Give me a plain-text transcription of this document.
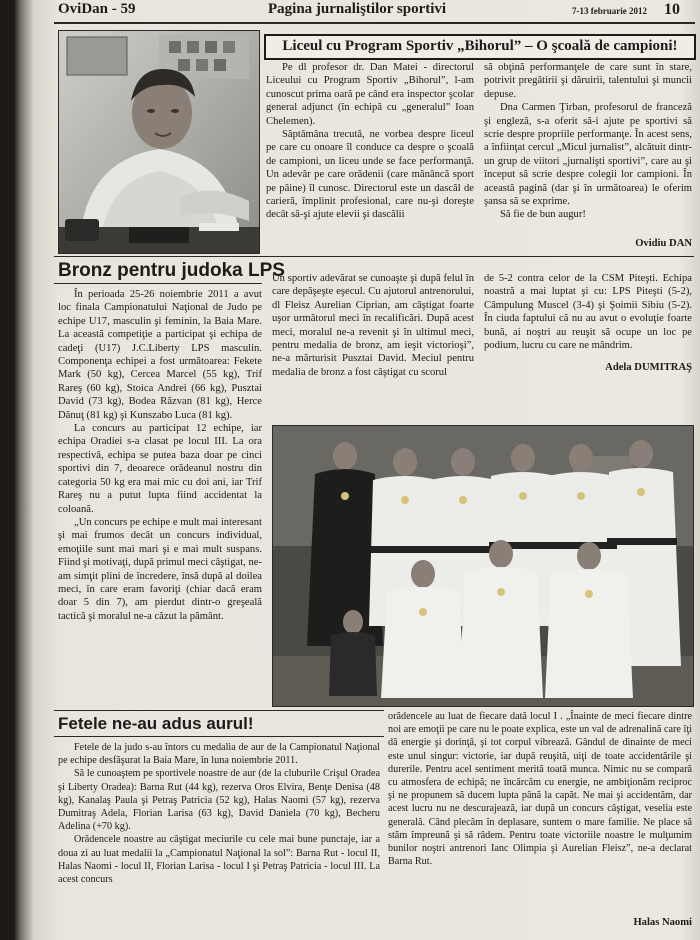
OviDan - 59	Pagina jurnaliştilor sportivi	7-13 februarie 2012 10
Liceul cu Program Sportiv „Bihorul” – O şcoală de campioni!

Pe dl profesor dr. Dan Matei - directorul Liceului cu Program Sportiv „Bihorul”, l-am cunoscut prima oară pe când era inspector şcolar general adjunct (în echipă cu „generalul” Ioan Chelemen).

Săptămâna trecută, ne vorbea despre liceul pe care cu onoare îl conduce ca despre o şcoală de campioni, un liceu unde se face performanţă. Un adevăr pe care orădenii (care mănâncă sport pe pâine) îl cunosc. Directorul este un dascăl de carieră, împlinit profesional, care nu-şi doreşte decât să-şi ajute elevii şi dascălii

să obţină performanţele de care sunt în stare, potrivit pregătirii şi dăruirii, talentului şi muncii depuse.

Dna Carmen Ţirban, profesorul de franceză şi engleză, s-a oferit să-i ajute pe sportivi să scrie despre propriile performanţe. În acest sens, a înfiinţat cercul „Micul jurnalist”, alcătuit dintr-un grup de viitori „jurnalişti sportivi”, care au şi început să scrie despre colegii lor campioni. În această pagină (dar şi în următoarea) le oferim şansa să se exprime.

Să fie de bun augur!

Ovidiu DAN
Bronz pentru judoka LPS

În perioada 25-26 noiembrie 2011 a avut loc finala Campionatului Naţional de Judo pe echipe U17, masculin şi feminin, la Baia Mare. La această competiţie a participat şi echipa de cadeţi (U17) J.C.Liberty LPS masculin. Componenţa echipei a fost următoarea: Fekete Mark (50 kg), Cercea Marcel (55 kg), Trif Rareş (60 kg), Stoica Andrei (66 kg), Pusztai David (73 kg), Bodea Răzvan (81 kg), Herce Dănuţ (81 kg) şi Kunszabo Luca (81 kg).

La concurs au participat 12 echipe, iar echipa Oradiei s-a clasat pe locul III. La ora respectivă, echipa se putea baza doar pe cinci sportivi din 7, deoarece orădeanul nostru din categoria 50 kg era mai mic cu doi ani, iar Trif Rareş nu a putut lupta fiind accidentat la coloană.

„Un concurs pe echipe e mult mai interesant şi mai frumos decât un concurs individual, emoţiile sunt mai mari şi e mai mult suspans. Fiind şi motivaţi, după primul meci câştigat, ne-am simţit plini de încredere, însă după al doilea meci, în care eram favoriţi (chiar dacă eram doar 5 din 7), am pierdut dintr-o greşeală tactică şi moralul ne-a căzut la pământ.

Un sportiv adevărat se cunoaşte şi după felul în care depăşeşte eşecul. Cu ajutorul antrenorului, dl Fleisz Aurelian Ciprian, am câştigat foarte uşor următorul meci în recalificări. După acest meci, moralul ne-a revenit şi în ultimul meci, pentru medalia de bronz, am ieşit victorioşi”, ne-a mărturisit Pusztai David. Meciul pentru medalia de bronz a fost câştigat cu scorul

de 5-2 contra celor de la CSM Piteşti. Echipa noastră a mai luptat şi cu: LPS Piteşti (5-2), Câmpulung Muscel (3-4) şi Şoimii Sibiu (5-2). În ciuda faptului că nu au avut o evoluţie foarte bună, ai noştri au reuşit să ocupe un loc pe podium, lucru cu care ne mândrim.

Adela DUMITRAŞ
Fetele ne-au adus aurul!

Fetele de la judo s-au întors cu medalia de aur de la Campionatul Naţional pe echipe desfăşurat la Baia Mare, în luna noiembrie 2011.

Să le cunoaştem pe sportivele noastre de aur (de la cluburile Crişul Oradea şi Liberty Oradea): Barna Rut (44 kg), rezerva Oros Elvira, Benţe Denisa (48 kg), Kanalaş Paula şi Petraş Patricia (52 kg), Halas Naomi (57 kg), rezerva Dumitraş Adela, Florian Larisa (63 kg), David Daniela (70 kg), Becheru Adelina (+70 kg).

Orădencele noastre au câştigat meciurile cu cele mai bune punctaje, iar a doua zi au luat medalii la „Campionatul Naţional la sol”: Barna Rut - locul II, Halas Naomi - locul II, Florian Larisa - locul I şi Petraş Patricia - locul III. La acest concurs

orădencele au luat de fiecare dată locul I . „Înainte de meci fiecare dintre noi are emoţii pe care nu le poate explica, este un val de adrenalină care îţi dă energie şi dorinţă, şi tot corpul vibrează. Gândul de dinainte de meci este unul singur: victorie, iar după reuşită, uiţi de toate accidentările şi durerile. Pentru acel sentiment merită toată munca. Nimic nu se compară cu atmosfera de echipă; ne încărcăm cu energie, ne ambiţionăm reciproc şi ne propunem să ducem lupta până la capăt. Ne mai şi accidentăm, dar acest lucru nu ne descurajează, iar după un concurs câştigat, veselia este generală. Când plecăm în deplasare, suntem o mare familie. Ne place să stăm împreună şi să râdem. Pentru toate victoriile noastre le mulţumim bunilor noştri antrenori Ianc Olimpia şi Aurelian Fleisz”, ne-a declarat Barna Rut.

Halas Naomi
